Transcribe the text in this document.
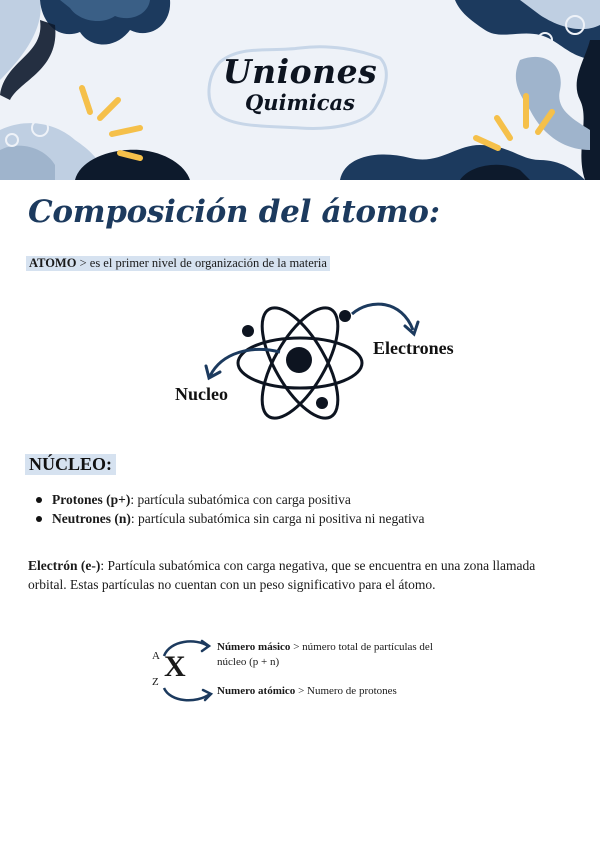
Uniones
Quimicas
Composición del átomo:
ATOMO > es el primer nivel de organización de la materia
Electrones
Nucleo
NÚCLEO:
Protones (p+): partícula subatómica con carga positiva
Neutrones (n): partícula subatómica sin carga ni positiva ni negativa
Electrón (e-): Partícula subatómica con carga negativa, que se encuentra en una zona llamada orbital. Estas partículas no cuentan con un peso significativo para el átomo.
A X
Z
Número másico > número total de partículas del núcleo (p + n)
Numero atómico > Numero de protones
